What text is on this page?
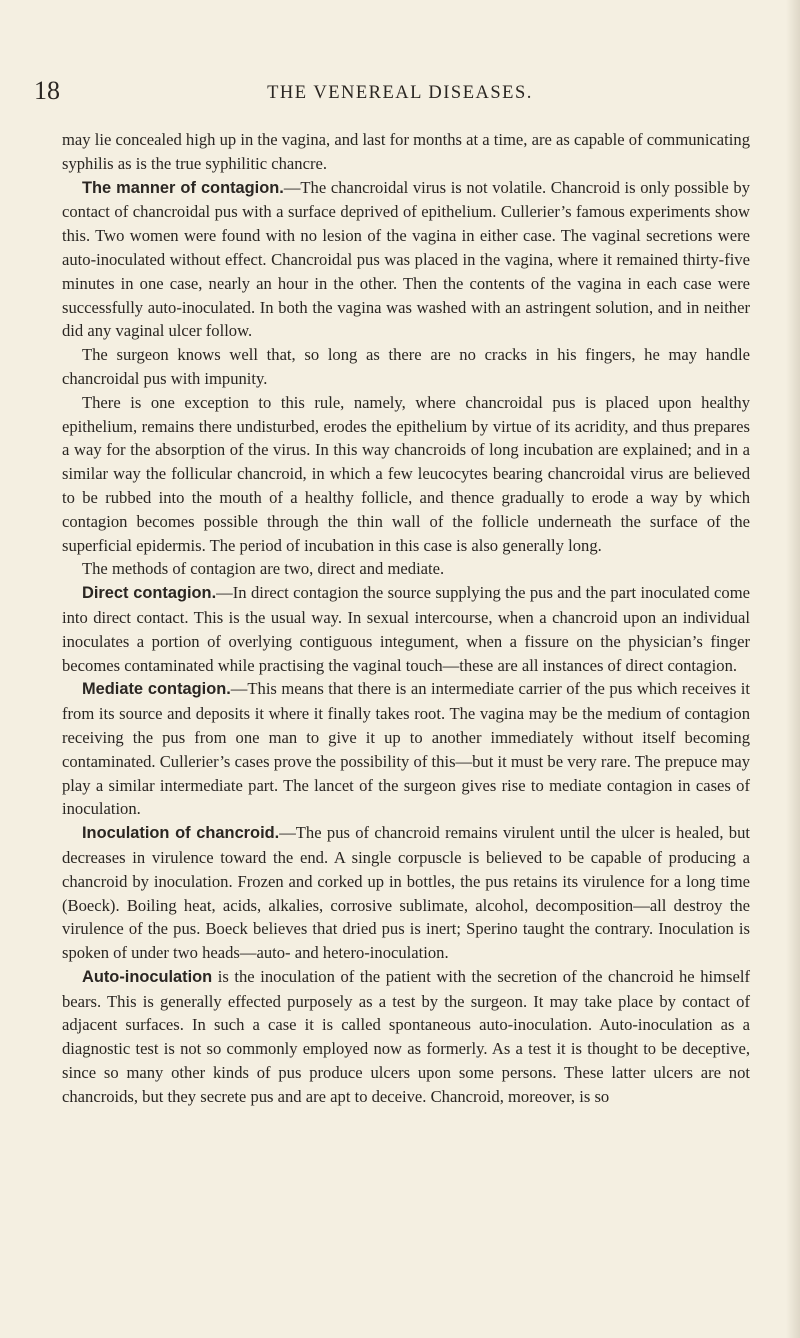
18	THE VENEREAL DISEASES.

may lie concealed high up in the vagina, and last for months at a time, are as capable of communicating syphilis as is the true syphilitic chancre.

The manner of contagion.—The chancroidal virus is not volatile. Chancroid is only possible by contact of chancroidal pus with a surface deprived of epithelium. Cullerier’s famous experiments show this. Two women were found with no lesion of the vagina in either case. The vaginal secretions were auto-inoculated without effect. Chancroidal pus was placed in the vagina, where it remained thirty-five minutes in one case, nearly an hour in the other. Then the contents of the vagina in each case were successfully auto-inoculated. In both the vagina was washed with an astringent solution, and in neither did any vaginal ulcer follow.

The surgeon knows well that, so long as there are no cracks in his fingers, he may handle chancroidal pus with impunity.

There is one exception to this rule, namely, where chancroidal pus is placed upon healthy epithelium, remains there undisturbed, erodes the epithelium by virtue of its acridity, and thus prepares a way for the absorption of the virus. In this way chancroids of long incubation are explained; and in a similar way the follicular chancroid, in which a few leucocytes bearing chancroidal virus are believed to be rubbed into the mouth of a healthy follicle, and thence gradually to erode a way by which contagion becomes possible through the thin wall of the follicle underneath the surface of the superficial epidermis. The period of incubation in this case is also generally long.

The methods of contagion are two, direct and mediate.

Direct contagion.—In direct contagion the source supplying the pus and the part inoculated come into direct contact. This is the usual way. In sexual intercourse, when a chancroid upon an individual inoculates a portion of overlying contiguous integument, when a fissure on the physician’s finger becomes contaminated while practising the vaginal touch—these are all instances of direct contagion.

Mediate contagion.—This means that there is an intermediate carrier of the pus which receives it from its source and deposits it where it finally takes root. The vagina may be the medium of contagion receiving the pus from one man to give it up to another immediately without itself becoming contaminated. Cullerier’s cases prove the possibility of this—but it must be very rare. The prepuce may play a similar intermediate part. The lancet of the surgeon gives rise to mediate contagion in cases of inoculation.

Inoculation of chancroid.—The pus of chancroid remains virulent until the ulcer is healed, but decreases in virulence toward the end. A single corpuscle is believed to be capable of producing a chancroid by inoculation. Frozen and corked up in bottles, the pus retains its virulence for a long time (Boeck). Boiling heat, acids, alkalies, corrosive sublimate, alcohol, decomposition—all destroy the virulence of the pus. Boeck believes that dried pus is inert; Sperino taught the contrary. Inoculation is spoken of under two heads—auto- and hetero-inoculation.

Auto-inoculation is the inoculation of the patient with the secretion of the chancroid he himself bears. This is generally effected purposely as a test by the surgeon. It may take place by contact of adjacent surfaces. In such a case it is called spontaneous auto-inoculation. Auto-inoculation as a diagnostic test is not so commonly employed now as formerly. As a test it is thought to be deceptive, since so many other kinds of pus produce ulcers upon some persons. These latter ulcers are not chancroids, but they secrete pus and are apt to deceive. Chancroid, moreover, is so
